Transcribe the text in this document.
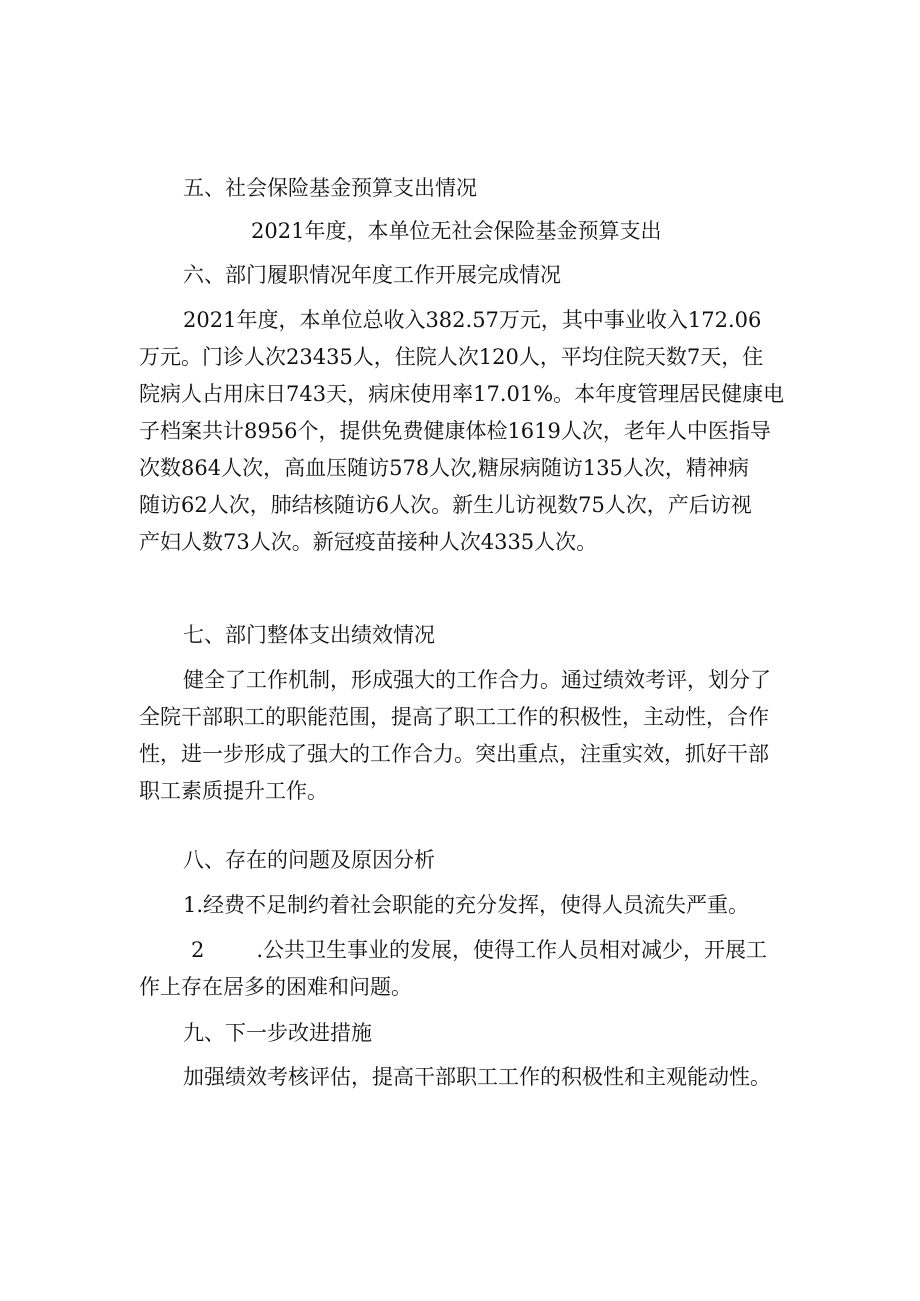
五、社会保险基金预算支出情况

2021年度，本单位无社会保险基金预算支出

六、部门履职情况年度工作开展完成情况

2021年度，本单位总收入382.57万元，其中事业收入172.06
万元。门诊人次23435人，住院人次120人，平均住院天数7天，住
院病人占用床日743天，病床使用率17.01%。本年度管理居民健康电
子档案共计8956个，提供免费健康体检1619人次，老年人中医指导
次数864人次，高血压随访578人次,糖尿病随访135人次，精神病
随访62人次，肺结核随访6人次。新生儿访视数75人次，产后访视
产妇人数73人次。新冠疫苗接种人次4335人次。

七、部门整体支出绩效情况

健全了工作机制，形成强大的工作合力。通过绩效考评，划分了
全院干部职工的职能范围，提高了职工工作的积极性，主动性，合作
性，进一步形成了强大的工作合力。突出重点，注重实效，抓好干部
职工素质提升工作。

八、存在的问题及原因分析

1.经费不足制约着社会职能的充分发挥，使得人员流失严重。

2 .公共卫生事业的发展，使得工作人员相对减少，开展工
作上存在居多的困难和问题。

九、下一步改进措施

加强绩效考核评估，提高干部职工工作的积极性和主观能动性。
